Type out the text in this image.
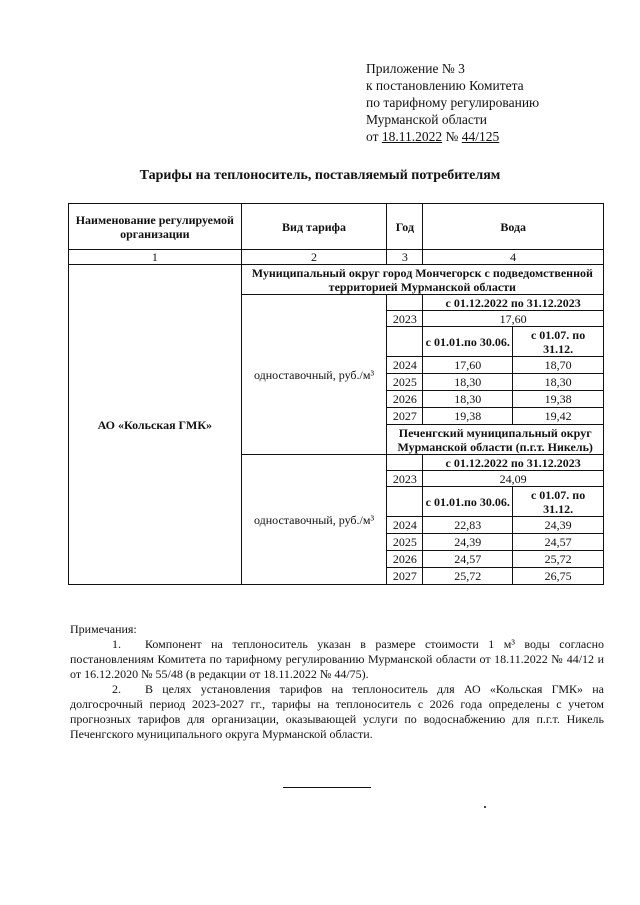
Приложение № 3
к постановлению Комитета
по тарифному регулированию
Мурманской области
от 18.11.2022 № 44/125
Тарифы на теплоноситель, поставляемый потребителям
Наименование регулируемой организации	Вид тарифа	Год	Вода	
1	2	3	4	
АО «Кольская ГМК»	Муниципальный округ город Мончегорск с подведомственной территорией Мурманской области			
	одноставочный, руб./м³		с 01.12.2022 по 31.12.2023	
		2023	17,60	
			с 01.01.по 30.06.	с 01.07. по 31.12.
		2024	17,60	18,70
		2025	18,30	18,30
		2026	18,30	19,38
		2027	19,38	19,42
		Печенгский муниципальный округ Мурманской области (п.г.т. Никель)		
	одноставочный, руб./м³		с 01.12.2022 по 31.12.2023	
		2023	24,09	
			с 01.01.по 30.06.	с 01.07. по 31.12.
		2024	22,83	24,39
		2025	24,39	24,57
		2026	24,57	25,72
		2027	25,72	26,75

Примечания:

1.  Компонент на теплоноситель указан в размере стоимости 1 м³ воды согласно постановлениям Комитета по тарифному регулированию Мурманской области от 18.11.2022 № 44/12 и от 16.12.2020 № 55/48 (в редакции от 18.11.2022 № 44/75).

2.  В целях установления тарифов на теплоноситель для АО «Кольская ГМК» на долгосрочный период 2023-2027 гг., тарифы на теплоноситель с 2026 года определены с учетом прогнозных тарифов для организации, оказывающей услуги по водоснабжению для п.г.т. Никель Печенгского муниципального округа Мурманской области.
